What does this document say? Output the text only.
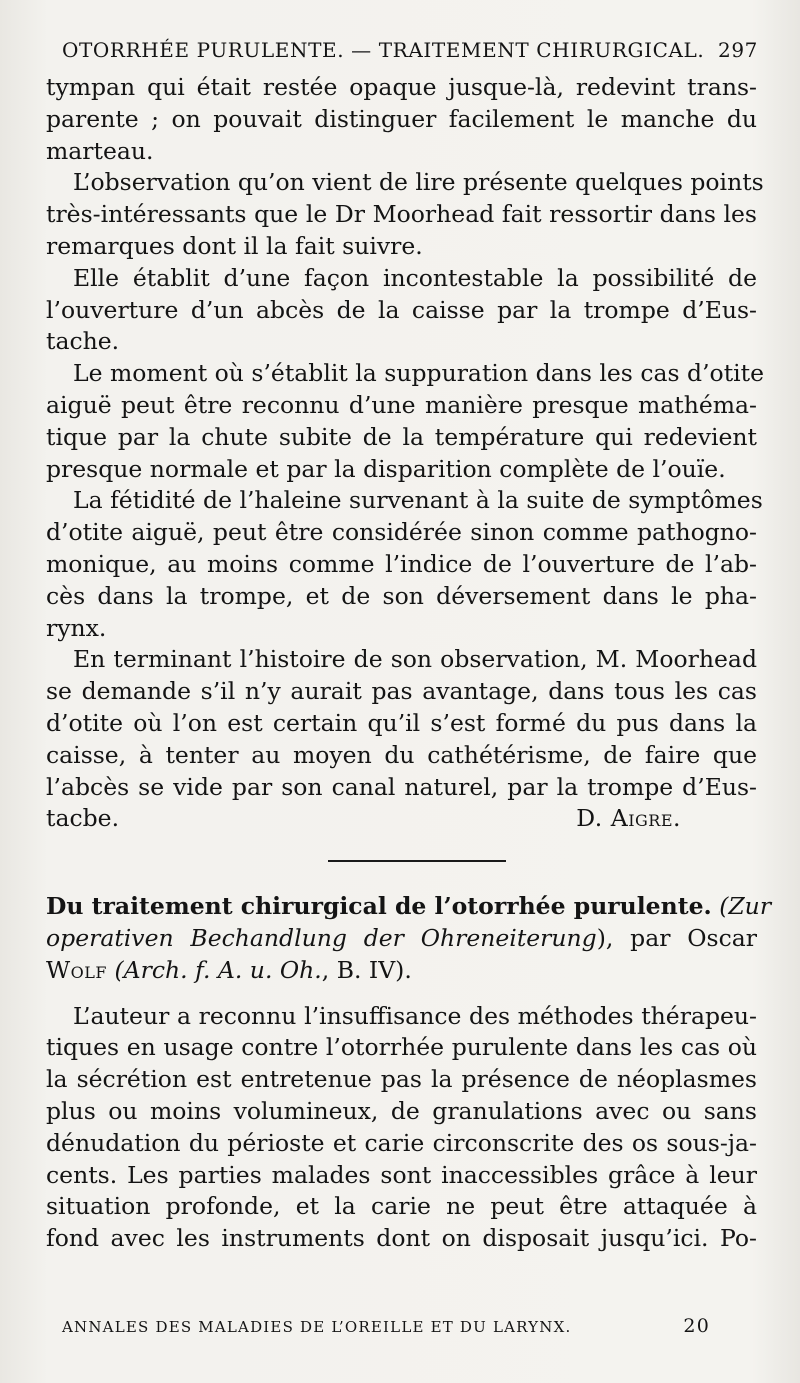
OTORRHÉE PURULENTE. — TRAITEMENT CHIRURGICAL. 297
tympan qui était restée opaque jusque-là, redevint trans-
parente ; on pouvait distinguer facilement le manche du
marteau.
L’observation qu’on vient de lire présente quelques points
très-intéressants que le Dr Moorhead fait ressortir dans les
remarques dont il la fait suivre.
Elle établit d’une façon incontestable la possibilité de
l’ouverture d’un abcès de la caisse par la trompe d’Eus-
tache.
Le moment où s’établit la suppuration dans les cas d’otite
aiguë peut être reconnu d’une manière presque mathéma-
tique par la chute subite de la température qui redevient
presque normale et par la disparition complète de l’ouïe.
La fétidité de l’haleine survenant à la suite de symptômes
d’otite aiguë, peut être considérée sinon comme pathogno-
monique, au moins comme l’indice de l’ouverture de l’ab-
cès dans la trompe, et de son déversement dans le pha-
rynx.
En terminant l’histoire de son observation, M. Moorhead
se demande s’il n’y aurait pas avantage, dans tous les cas
d’otite où l’on est certain qu’il s’est formé du pus dans la
caisse, à tenter au moyen du cathétérisme, de faire que
l’abcès se vide par son canal naturel, par la trompe d’Eus-
tacbe.	D. Aigre.
Du traitement chirurgical de l’otorrhée purulente. (Zur
operativen Bechandlung der Ohreneiterung), par Oscar
Wolf (Arch. f. A. u. Oh., B. IV).
L’auteur a reconnu l’insuffisance des méthodes thérapeu-
tiques en usage contre l’otorrhée purulente dans les cas où
la sécrétion est entretenue pas la présence de néoplasmes
plus ou moins volumineux, de granulations avec ou sans
dénudation du périoste et carie circonscrite des os sous-ja-
cents. Les parties malades sont inaccessibles grâce à leur
situation profonde, et la carie ne peut être attaquée à
fond avec les instruments dont on disposait jusqu’ici. Po-
ANNALES DES MALADIES DE L’OREILLE ET DU LARYNX.	20
